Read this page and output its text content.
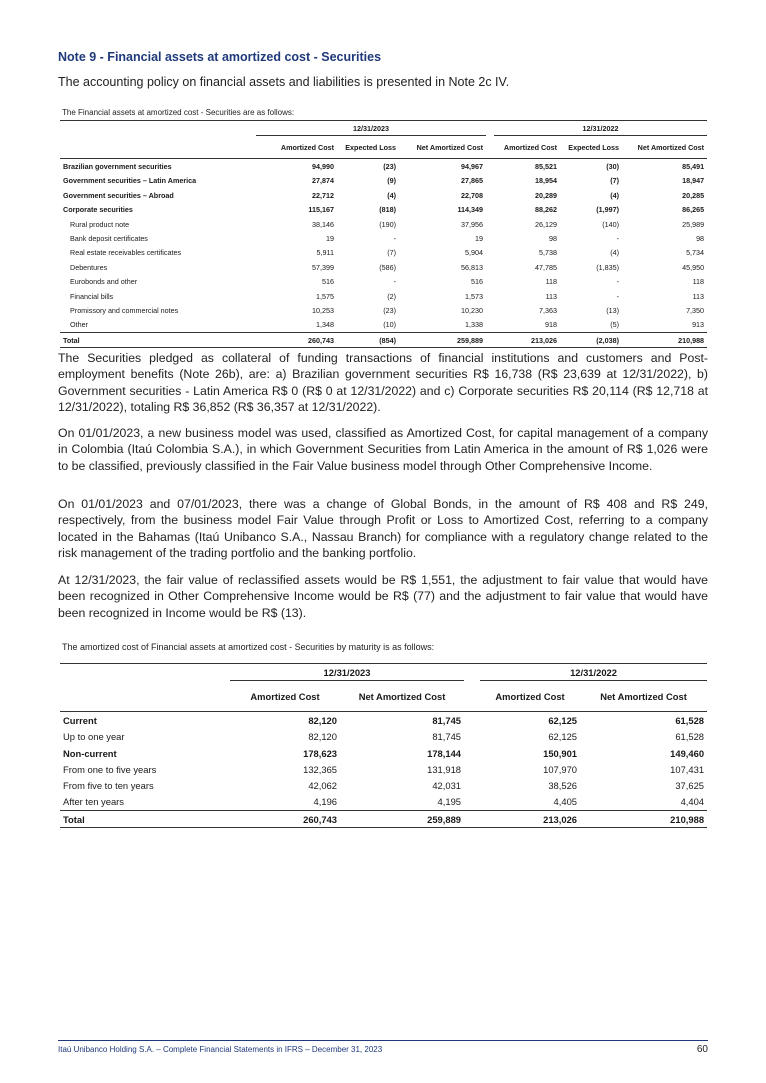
Note 9 - Financial assets at amortized cost - Securities
The accounting policy on financial assets and liabilities is presented in Note 2c IV.
The Financial assets at amortized cost - Securities are as follows:
	12/31/2023				12/31/2022		
	Amortized Cost	Expected Loss	Net Amortized Cost		Amortized Cost	Expected Loss	Net Amortized Cost
Brazilian government securities	94,990	(23)	94,967		85,521	(30)	85,491
Government securities – Latin America	27,874	(9)	27,865		18,954	(7)	18,947
Government securities – Abroad	22,712	(4)	22,708		20,289	(4)	20,285
Corporate securities	115,167	(818)	114,349		88,262	(1,997)	86,265
Rural product note	38,146	(190)	37,956		26,129	(140)	25,989
Bank deposit certificates	19	-	19		98	-	98
Real estate receivables certificates	5,911	(7)	5,904		5,738	(4)	5,734
Debentures	57,399	(586)	56,813		47,785	(1,835)	45,950
Eurobonds and other	516	-	516		118	-	118
Financial bills	1,575	(2)	1,573		113	-	113
Promissory and commercial notes	10,253	(23)	10,230		7,363	(13)	7,350
Other	1,348	(10)	1,338		918	(5)	913
Total	260,743	(854)	259,889		213,026	(2,038)	210,988

The Securities pledged as collateral of funding transactions of financial institutions and customers and Post-employment benefits (Note 26b), are: a) Brazilian government securities R$ 16,738 (R$ 23,639 at 12/31/2022), b) Government securities - Latin America R$ 0 (R$ 0 at 12/31/2022) and c) Corporate securities R$ 20,114 (R$ 12,718 at 12/31/2022), totaling R$ 36,852 (R$ 36,357 at 12/31/2022).

On 01/01/2023, a new business model was used, classified as Amortized Cost, for capital management of a company in Colombia (Itaú Colombia S.A.), in which Government Securities from Latin America in the amount of R$ 1,026 were to be classified, previously classified in the Fair Value business model through Other Comprehensive Income.

On 01/01/2023 and 07/01/2023, there was a change of Global Bonds, in the amount of R$ 408 and R$ 249, respectively, from the business model Fair Value through Profit or Loss to Amortized Cost, referring to a company located in the Bahamas (Itaú Unibanco S.A., Nassau Branch) for compliance with a regulatory change related to the risk management of the trading portfolio and the banking portfolio.

At 12/31/2023, the fair value of reclassified assets would be R$ 1,551, the adjustment to fair value that would have been recognized in Other Comprehensive Income would be R$ (77) and the adjustment to fair value that would have been recognized in Income would be R$ (13).

The amortized cost of Financial assets at amortized cost - Securities by maturity is as follows:
	12/31/2023			12/31/2022	
	Amortized Cost	Net Amortized Cost		Amortized Cost	Net Amortized Cost
Current	82,120	81,745		62,125	61,528
Up to one year	82,120	81,745		62,125	61,528
Non-current	178,623	178,144		150,901	149,460
From one to five years	132,365	131,918		107,970	107,431
From five to ten years	42,062	42,031		38,526	37,625
After ten years	4,196	4,195		4,405	4,404
Total	260,743	259,889		213,026	210,988
Itaú Unibanco Holding S.A. – Complete Financial Statements in IFRS – December 31, 2023	60
